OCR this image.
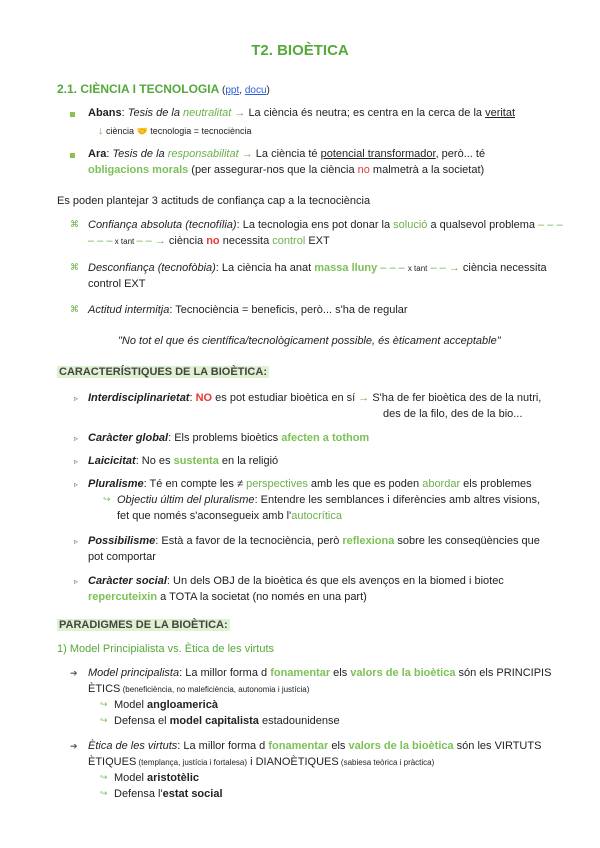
T2. BIOÈTICA
2.1. CIÈNCIA I TECNOLOGIA (ppt, docu)
Abans: Tesis de la neutralitat → La ciència és neutra; es centra en la cerca de la veritat
↓ ciència 🤝 tecnologia = tecnociència
Ara: Tesis de la responsabilitat → La ciència té potencial transformador, però... té
obligacions morals (per assegurar-nos que la ciència no malmetrà a la societat)
Es poden plantejar 3 actituds de confiança cap a la tecnociència
⌘ Confiança absoluta (tecnofília): La tecnologia ens pot donar la solució a qualsevol problema – – –
– – – x tant – – → ciència no necessita control EXT
⌘ Desconfiança (tecnofòbia): La ciència ha anat massa lluny – – – x tant – – → ciència necessita
control EXT
⌘ Actitud intermitja: Tecnociència = beneficis, però... s'ha de regular
"No tot el que és científica/tecnològicament possible, és èticament acceptable"
CARACTERÍSTIQUES DE LA BIOÈTICA:
▹ Interdisciplinarietat: NO es pot estudiar bioètica en sí → S'ha de fer bioètica des de la nutri,
des de la filo, des de la bio...
▹ Caràcter global: Els problems bioètics afecten a tothom
▹ Laicicitat: No es sustenta en la religió
▹ Pluralisme: Té en compte les ≠ perspectives amb les que es poden abordar els problemes
↪ Objectiu últim del pluralisme: Entendre les semblances i diferències amb altres visions,
fet que només s'aconsegueix amb l'autocrítica
▹ Possibilisme: Està a favor de la tecnociència, però reflexiona sobre les conseqüències que
pot comportar
▹ Caràcter social: Un dels OBJ de la bioètica és que els avenços en la biomed i biotec
repercuteixin a TOTA la societat (no només en una part)
PARADIGMES DE LA BIOÈTICA:
1) Model Principialista vs. Ètica de les virtuts
➔ Model principalista: La millor forma d fonamentar els valors de la bioètica són els PRINCIPIS
ÈTICS (beneficiència, no maleficiència, autonomia i justícia)
↪ Model angloamericà
↪ Defensa el model capitalista estadounidense
➔ Ètica de les virtuts: La millor forma d fonamentar els valors de la bioètica són les VIRTUTS
ÈTIQUES (templança, justícia i fortalesa) i DIANOÈTIQUES (sabiesa teòrica i pràctica)
↪ Model aristotèlic
↪ Defensa l'estat social
